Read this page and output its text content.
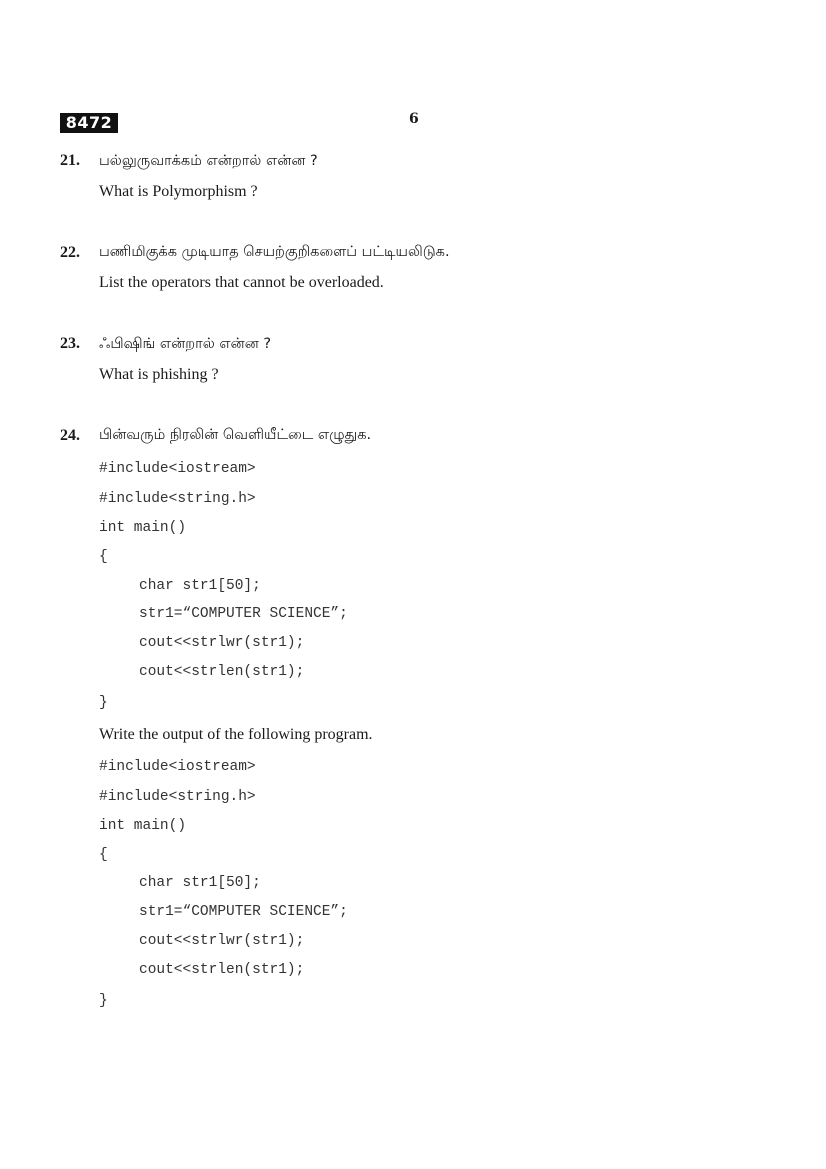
8472	6
21. பல்லுருவாக்கம் என்றால் என்ன ?
What is Polymorphism ?
22. பணிமிகுக்க முடியாத செயற்குறிகளைப் பட்டியலிடுக.
List the operators that cannot be overloaded.
23. ஃபிஷிங் என்றால் என்ன ?
What is phishing ?
24. பின்வரும் நிரலின் வெளியீட்டை எழுதுக.
#include<iostream>
#include<string.h>
int main()
{
char str1[50];
str1=“COMPUTER SCIENCE”;
cout<<strlwr(str1);
cout<<strlen(str1);
}
Write the output of the following program.
#include<iostream>
#include<string.h>
int main()
{
char str1[50];
str1=“COMPUTER SCIENCE”;
cout<<strlwr(str1);
cout<<strlen(str1);
}
